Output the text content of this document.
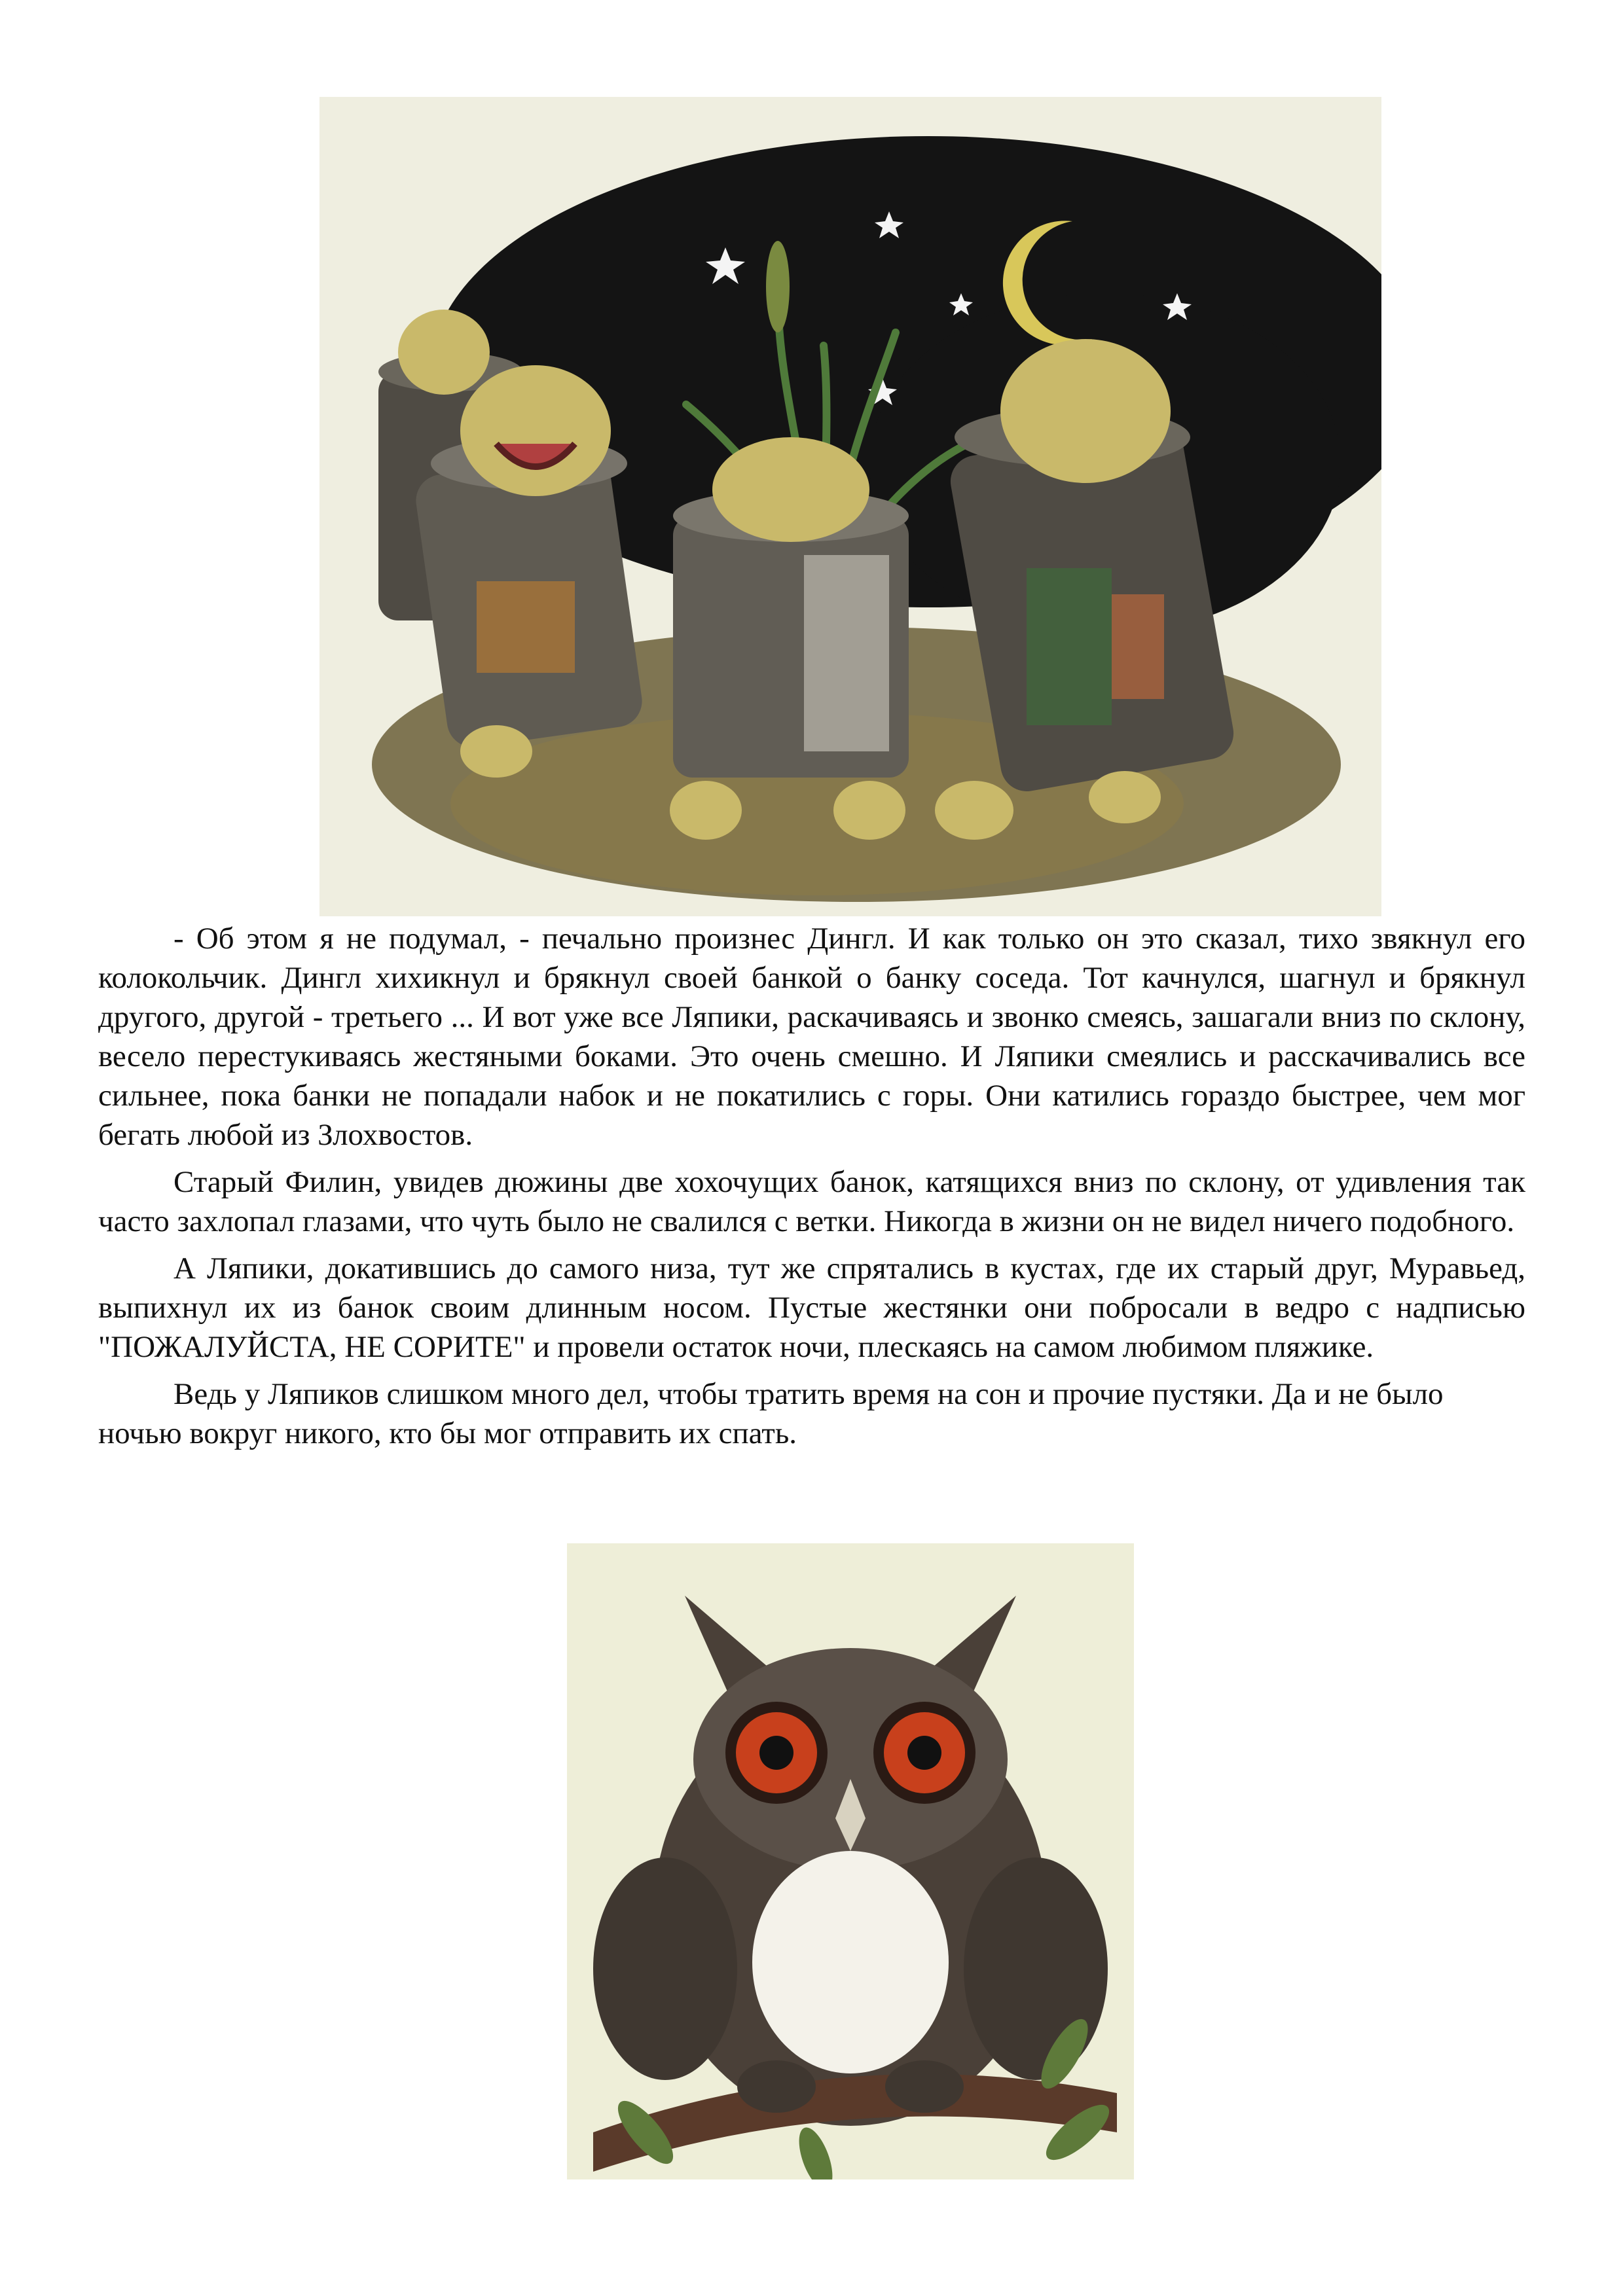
- Об этом я не подумал, - печально произнес Дингл. И как только он это сказал, тихо звякнул его колокольчик. Дингл хихикнул и брякнул своей банкой о банку соседа. Тот качнулся, шагнул и брякнул другого, другой - третьего ... И вот уже все Ляпики, раскачиваясь и звонко смеясь, зашагали вниз по склону, весело перестукиваясь жестяными боками. Это очень смешно. И Ляпики смеялись и расскачивались все сильнее, пока банки не попадали набок и не покатились с горы. Они катились гораздо быстрее, чем мог бегать любой из Злохвостов.

Старый Филин, увидев дюжины две хохочущих банок, катящихся вниз по склону, от удивления так часто захлопал глазами, что чуть было не свалился с ветки. Никогда в жизни он не видел ничего подобного.

А Ляпики, докатившись до самого низа, тут же спрятались в кустах, где их старый друг, Муравьед, выпихнул их из банок своим длинным носом. Пустые жестянки они побросали в ведро с надписью "ПОЖАЛУЙСТА, НЕ СОРИТЕ" и провели остаток ночи, плескаясь на самом любимом пляжике.

Ведь у Ляпиков слишком много дел, чтобы тратить время на сон и прочие пустяки. Да и не было ночью вокруг никого, кто бы мог отправить их спать.
